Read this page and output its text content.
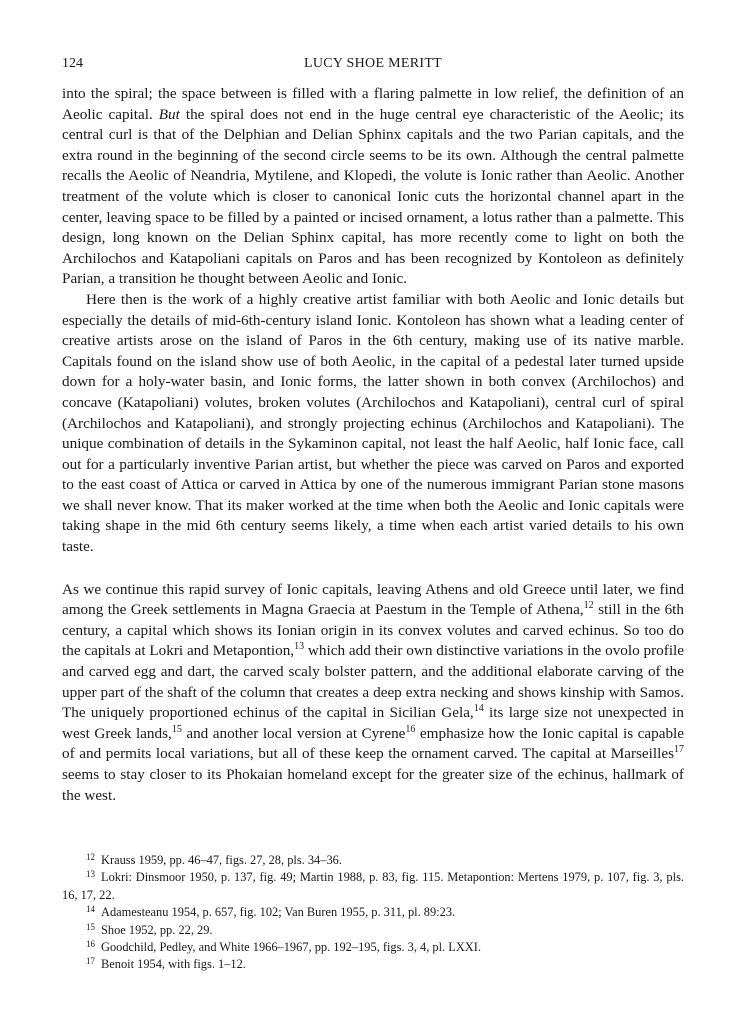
124	LUCY SHOE MERITT

into the spiral; the space between is filled with a flaring palmette in low relief, the definition of an Aeolic capital. But the spiral does not end in the huge central eye characteristic of the Aeolic; its central curl is that of the Delphian and Delian Sphinx capitals and the two Parian capitals, and the extra round in the beginning of the second circle seems to be its own. Although the central palmette recalls the Aeolic of Neandria, Mytilene, and Klopedi, the volute is Ionic rather than Aeolic. Another treatment of the volute which is closer to canonical Ionic cuts the horizontal channel apart in the center, leaving space to be filled by a painted or incised ornament, a lotus rather than a palmette. This design, long known on the Delian Sphinx capital, has more recently come to light on both the Archilochos and Katapoliani capitals on Paros and has been recognized by Kontoleon as definitely Parian, a transition he thought between Aeolic and Ionic.

Here then is the work of a highly creative artist familiar with both Aeolic and Ionic details but especially the details of mid-6th-century island Ionic. Kontoleon has shown what a leading center of creative artists arose on the island of Paros in the 6th century, making use of its native marble. Capitals found on the island show use of both Aeolic, in the capital of a pedestal later turned upside down for a holy-water basin, and Ionic forms, the latter shown in both convex (Archilochos) and concave (Katapoliani) volutes, broken volutes (Archilochos and Katapoliani), central curl of spiral (Archilochos and Katapoliani), and strongly projecting echinus (Archilochos and Katapoliani). The unique combination of details in the Sykaminon capital, not least the half Aeolic, half Ionic face, call out for a particularly inventive Parian artist, but whether the piece was carved on Paros and exported to the east coast of Attica or carved in Attica by one of the numerous immigrant Parian stone masons we shall never know. That its maker worked at the time when both the Aeolic and Ionic capitals were taking shape in the mid 6th century seems likely, a time when each artist varied details to his own taste.

As we continue this rapid survey of Ionic capitals, leaving Athens and old Greece until later, we find among the Greek settlements in Magna Graecia at Paestum in the Temple of Athena,$^{12}$ still in the 6th century, a capital which shows its Ionian origin in its convex volutes and carved echinus. So too do the capitals at Lokri and Metapontion,$^{13}$ which add their own distinctive variations in the ovolo profile and carved egg and dart, the carved scaly bolster pattern, and the additional elaborate carving of the upper part of the shaft of the column that creates a deep extra necking and shows kinship with Samos. The uniquely proportioned echinus of the capital in Sicilian Gela,$^{14}$ its large size not unexpected in west Greek lands,$^{15}$ and another local version at Cyrene$^{16}$ emphasize how the Ionic capital is capable of and permits local variations, but all of these keep the ornament carved. The capital at Marseilles$^{17}$ seems to stay closer to its Phokaian homeland except for the greater size of the echinus, hallmark of the west.

$^{12}$ Krauss 1959, pp. 46–47, figs. 27, 28, pls. 34–36.
$^{13}$ Lokri: Dinsmoor 1950, p. 137, fig. 49; Martin 1988, p. 83, fig. 115. Metapontion: Mertens 1979, p. 107, fig. 3, pls. 16, 17, 22.
$^{14}$ Adamesteanu 1954, p. 657, fig. 102; Van Buren 1955, p. 311, pl. 89:23.
$^{15}$ Shoe 1952, pp. 22, 29.
$^{16}$ Goodchild, Pedley, and White 1966–1967, pp. 192–195, figs. 3, 4, pl. LXXI.
$^{17}$ Benoit 1954, with figs. 1–12.
